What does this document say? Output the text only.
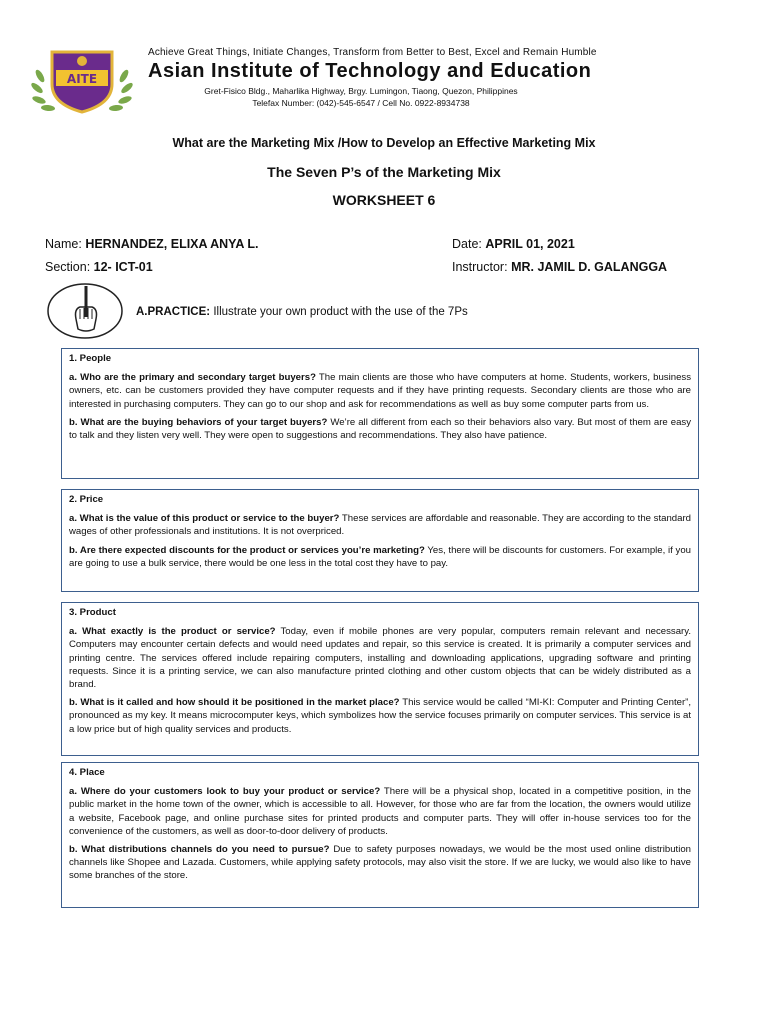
AITE
Achieve Great Things, Initiate Changes, Transform from Better to Best, Excel and Remain Humble
Asian Institute of Technology and Education
Gret-Fisico Bldg., Maharlika Highway, Brgy. Lumingon, Tiaong, Quezon, Philippines
Telefax Number: (042)-545-6547 / Cell No. 0922-8934738
What are the Marketing Mix /How to Develop an Effective Marketing Mix
The Seven P’s of the Marketing Mix
WORKSHEET 6
Name: HERNANDEZ, ELIXA ANYA L.	Date: APRIL 01, 2021
Section: 12- ICT-01	Instructor: MR. JAMIL D. GALANGGA
A.PRACTICE: Illustrate your own product with the use of the 7Ps
1. People

a. Who are the primary and secondary target buyers? The main clients are those who have computers at home. Students, workers, business owners, etc. can be customers provided they have computer requests and if they have printing requests. Secondary clients are those who are interested in purchasing computers. They can go to our shop and ask for recommendations as well as buy some computer parts from us.

b. What are the buying behaviors of your target buyers? We’re all different from each so their behaviors also vary. But most of them are easy to talk and they listen very well. They were open to suggestions and recommendations. They also have patience.

2. Price

a. What is the value of this product or service to the buyer? These services are affordable and reasonable. They are according to the standard wages of other professionals and institutions. It is not overpriced.

b. Are there expected discounts for the product or services you’re marketing? Yes, there will be discounts for customers. For example, if you are going to use a bulk service, there would be one less in the total cost they have to pay.

3. Product

a. What exactly is the product or service? Today, even if mobile phones are very popular, computers remain relevant and necessary. Computers may encounter certain defects and would need updates and repair, so this service is created. It is primarily a computer services and printing centre. The services offered include repairing computers, installing and downloading applications, upgrading software and printing requests. Since it is a printing service, we can also manufacture printed clothing and other custom objects that can be widely distributed as a brand.

b. What is it called and how should it be positioned in the market place? This service would be called “MI-KI: Computer and Printing Center”, pronounced as my key. It means microcomputer keys, which symbolizes how the service focuses primarily on computer services. This service is at a low price but of high quality services and products.

4. Place

a. Where do your customers look to buy your product or service? There will be a physical shop, located in a competitive position, in the public market in the home town of the owner, which is accessible to all. However, for those who are far from the location, the owners would utilize a website, Facebook page, and online purchase sites for printed products and computer parts. They will offer in-house services too for the convenience of the customers, as well as door-to-door delivery of products.

b. What distributions channels do you need to pursue? Due to safety purposes nowadays, we would be the most used online distribution channels like Shopee and Lazada. Customers, while applying safety protocols, may also visit the store. If we are lucky, we would also like to have some branches of the store.
